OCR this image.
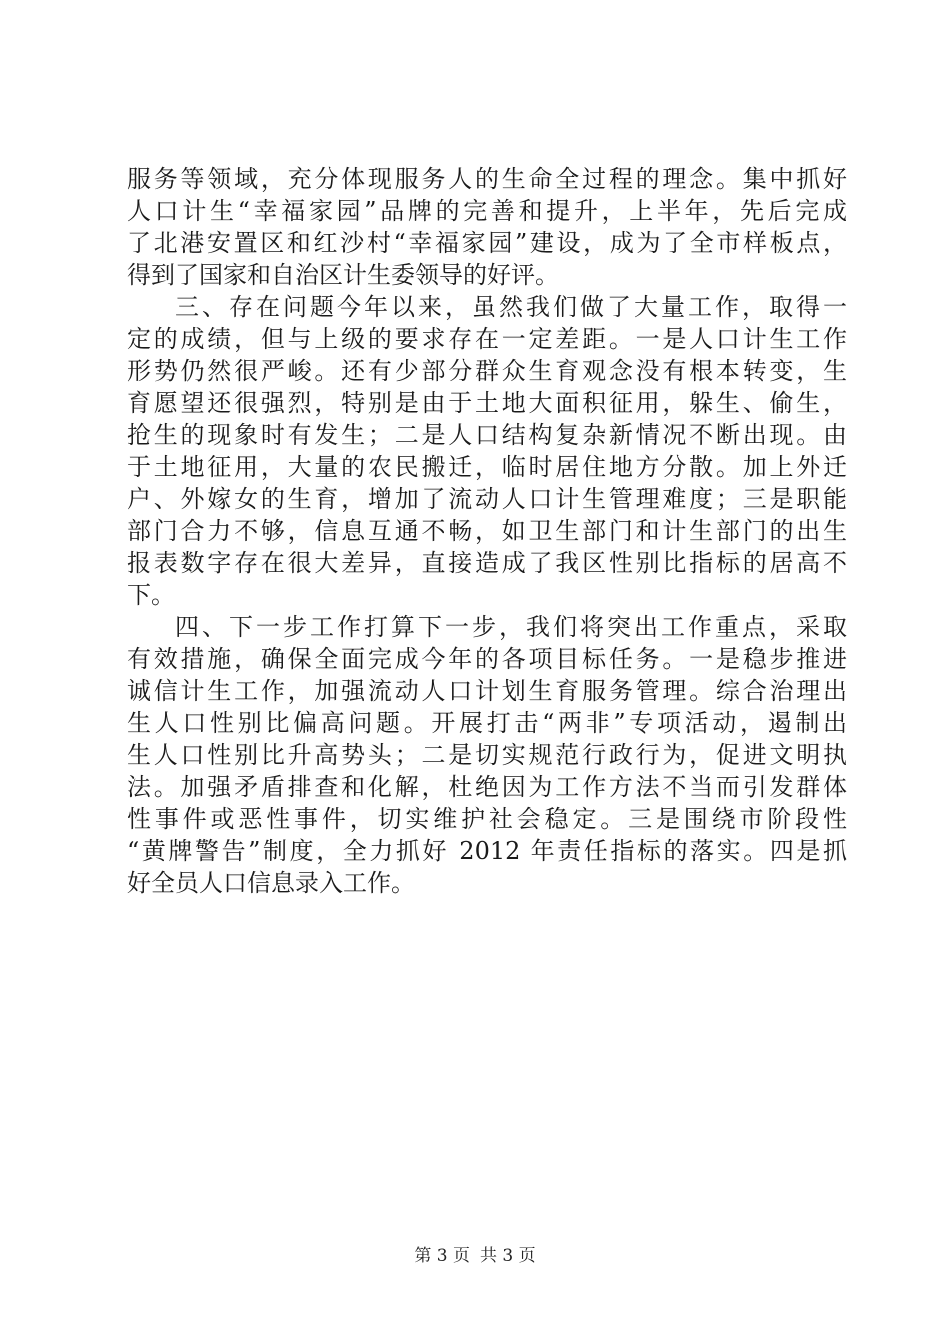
服务等领域，充分体现服务人的生命全过程的理念。集中抓好
人口计生“幸福家园”品牌的完善和提升，上半年，先后完成
了北港安置区和红沙村“幸福家园”建设，成为了全市样板点，
得到了国家和自治区计生委领导的好评。
三、存在问题今年以来，虽然我们做了大量工作，取得一
定的成绩，但与上级的要求存在一定差距。一是人口计生工作
形势仍然很严峻。还有少部分群众生育观念没有根本转变，生
育愿望还很强烈，特别是由于土地大面积征用，躲生、偷生，
抢生的现象时有发生；二是人口结构复杂新情况不断出现。由
于土地征用，大量的农民搬迁，临时居住地方分散。加上外迁
户、外嫁女的生育，增加了流动人口计生管理难度；三是职能
部门合力不够，信息互通不畅，如卫生部门和计生部门的出生
报表数字存在很大差异，直接造成了我区性别比指标的居高不
下。
四、下一步工作打算下一步，我们将突出工作重点，采取
有效措施，确保全面完成今年的各项目标任务。一是稳步推进
诚信计生工作，加强流动人口计划生育服务管理。综合治理出
生人口性别比偏高问题。开展打击“两非”专项活动，遏制出
生人口性别比升高势头；二是切实规范行政行为，促进文明执
法。加强矛盾排查和化解，杜绝因为工作方法不当而引发群体
性事件或恶性事件，切实维护社会稳定。三是围绕市阶段性
“黄牌警告”制度，全力抓好 2012 年责任指标的落实。四是抓
好全员人口信息录入工作。
第 3 页 共 3 页
